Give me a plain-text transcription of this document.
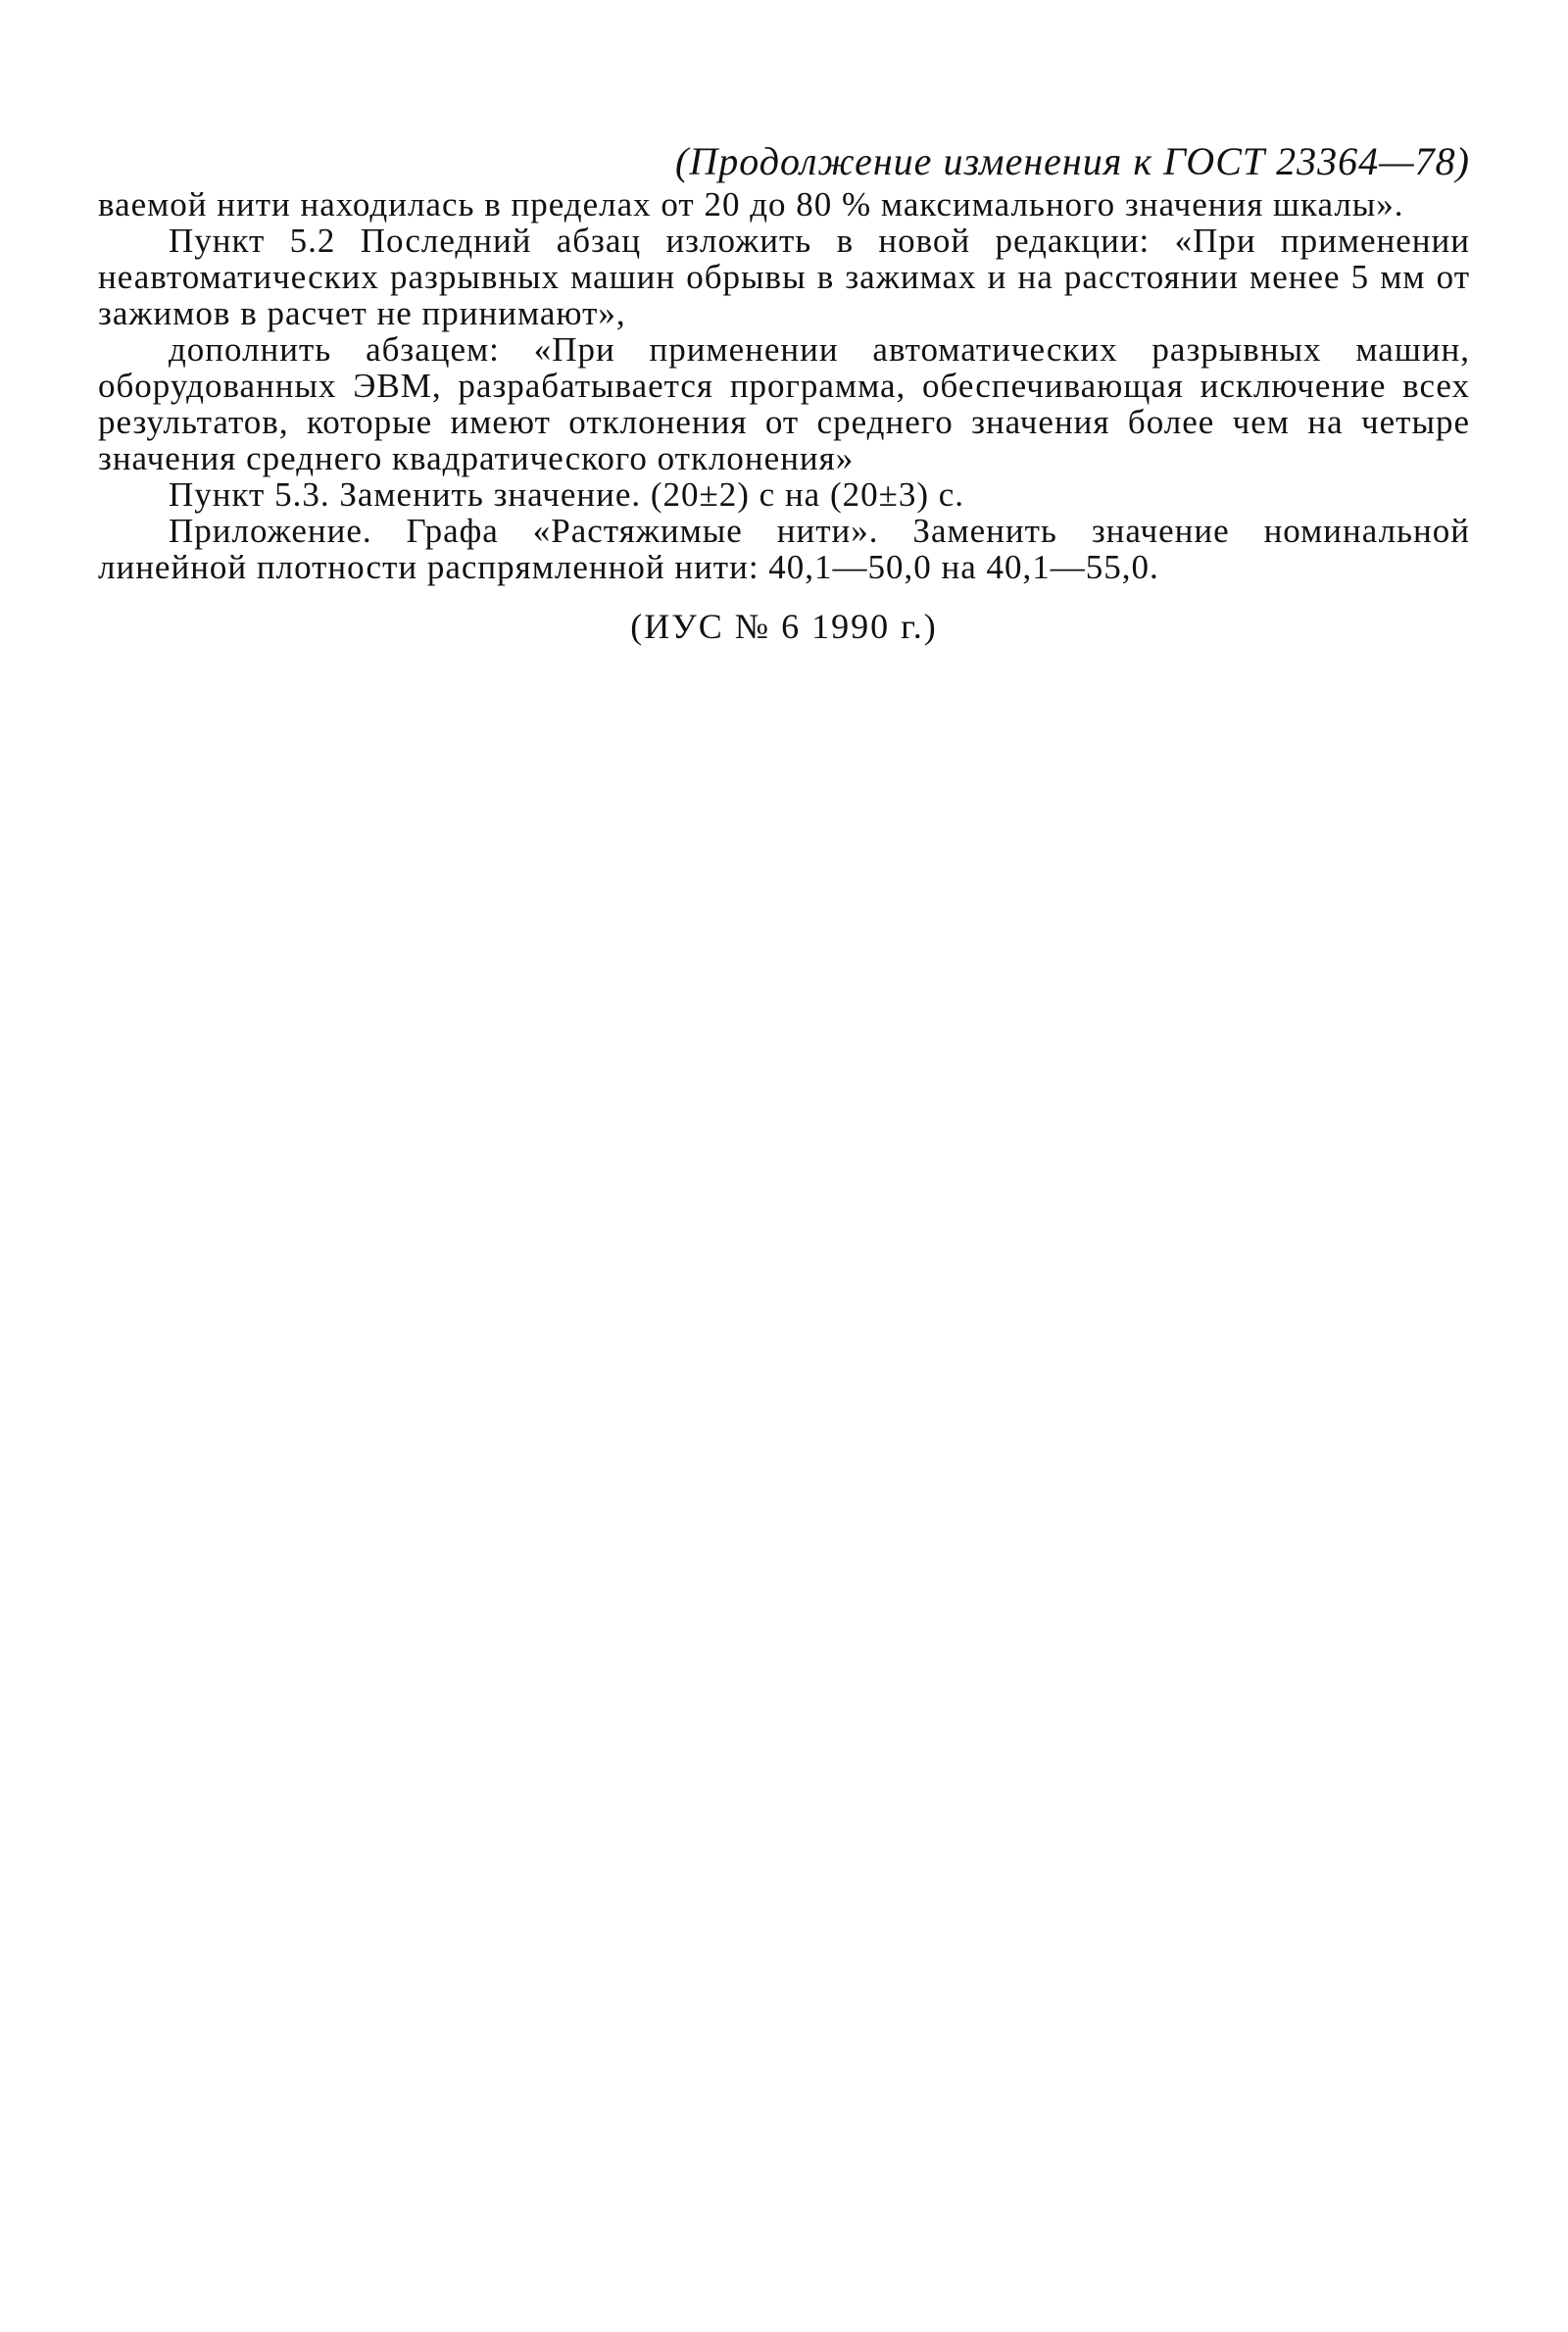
(Продолжение изменения к ГОСТ 23364—78)

ваемой нити находилась в пределах от 20 до 80 % максимального значения шкалы».

Пункт 5.2 Последний абзац изложить в новой редакции: «При применении неавтоматических разрывных машин обрывы в зажимах и на расстоянии менее 5 мм от зажимов в расчет не принимают»,

дополнить абзацем: «При применении автоматических разрывных машин, оборудованных ЭВМ, разрабатывается программа, обеспечивающая исключение всех результатов, которые имеют отклонения от среднего значения более чем на четыре значения среднего квадратического отклонения»

Пункт 5.3. Заменить значение. (20±2) с на (20±3) с.

Приложение. Графа «Растяжимые нити». Заменить значение номинальной линейной плотности распрямленной нити: 40,1—50,0 на 40,1—55,0.

(ИУС № 6 1990 г.)
